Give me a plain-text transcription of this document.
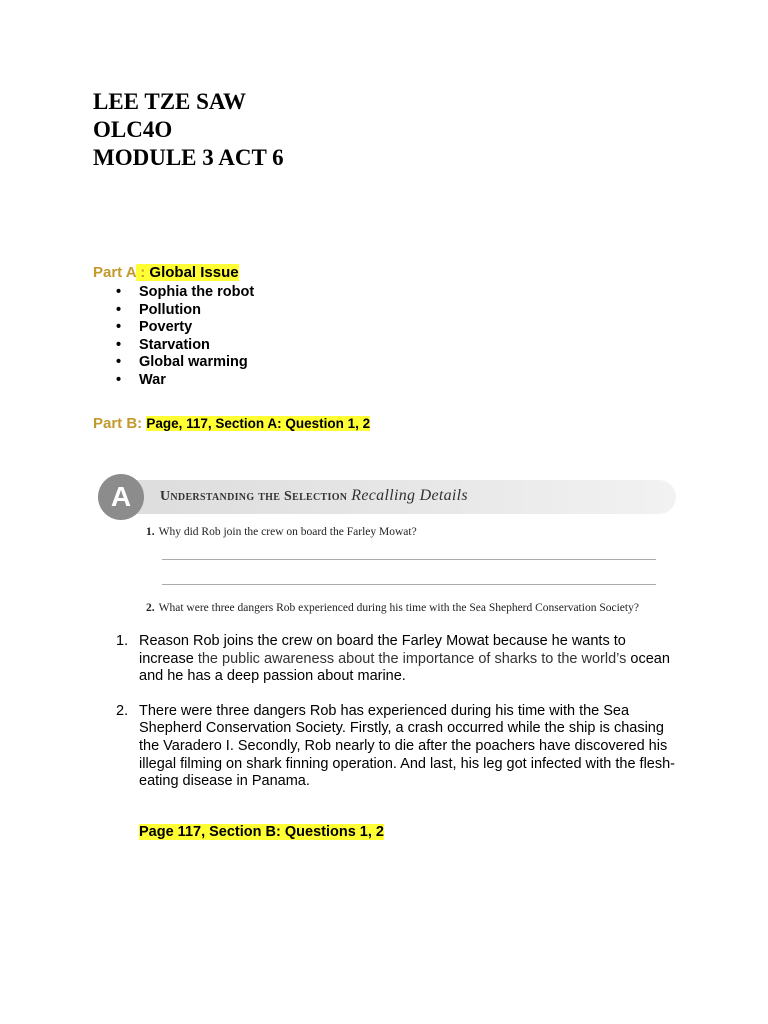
LEE TZE SAW
OLC4O
MODULE 3 ACT 6
Part A : Global Issue
• Sophia the robot
• Pollution
• Poverty
• Starvation
• Global warming
• War
Part B: Page, 117, Section A: Question 1, 2
A	Understanding the Selection Recalling Details
1. Why did Rob join the crew on board the Farley Mowat?
2. What were three dangers Rob experienced during his time with the Sea Shepherd Conservation Society?
1. Reason Rob joins the crew on board the Farley Mowat because he wants to increase the public awareness about the importance of sharks to the world’s ocean and he has a deep passion about marine.
2. There were three dangers Rob has experienced during his time with the Sea Shepherd Conservation Society. Firstly, a crash occurred while the ship is chasing the Varadero I. Secondly, Rob nearly to die after the poachers have discovered his illegal filming on shark finning operation. And last, his leg got infected with the flesh-eating disease in Panama.
Page 117, Section B: Questions 1, 2
